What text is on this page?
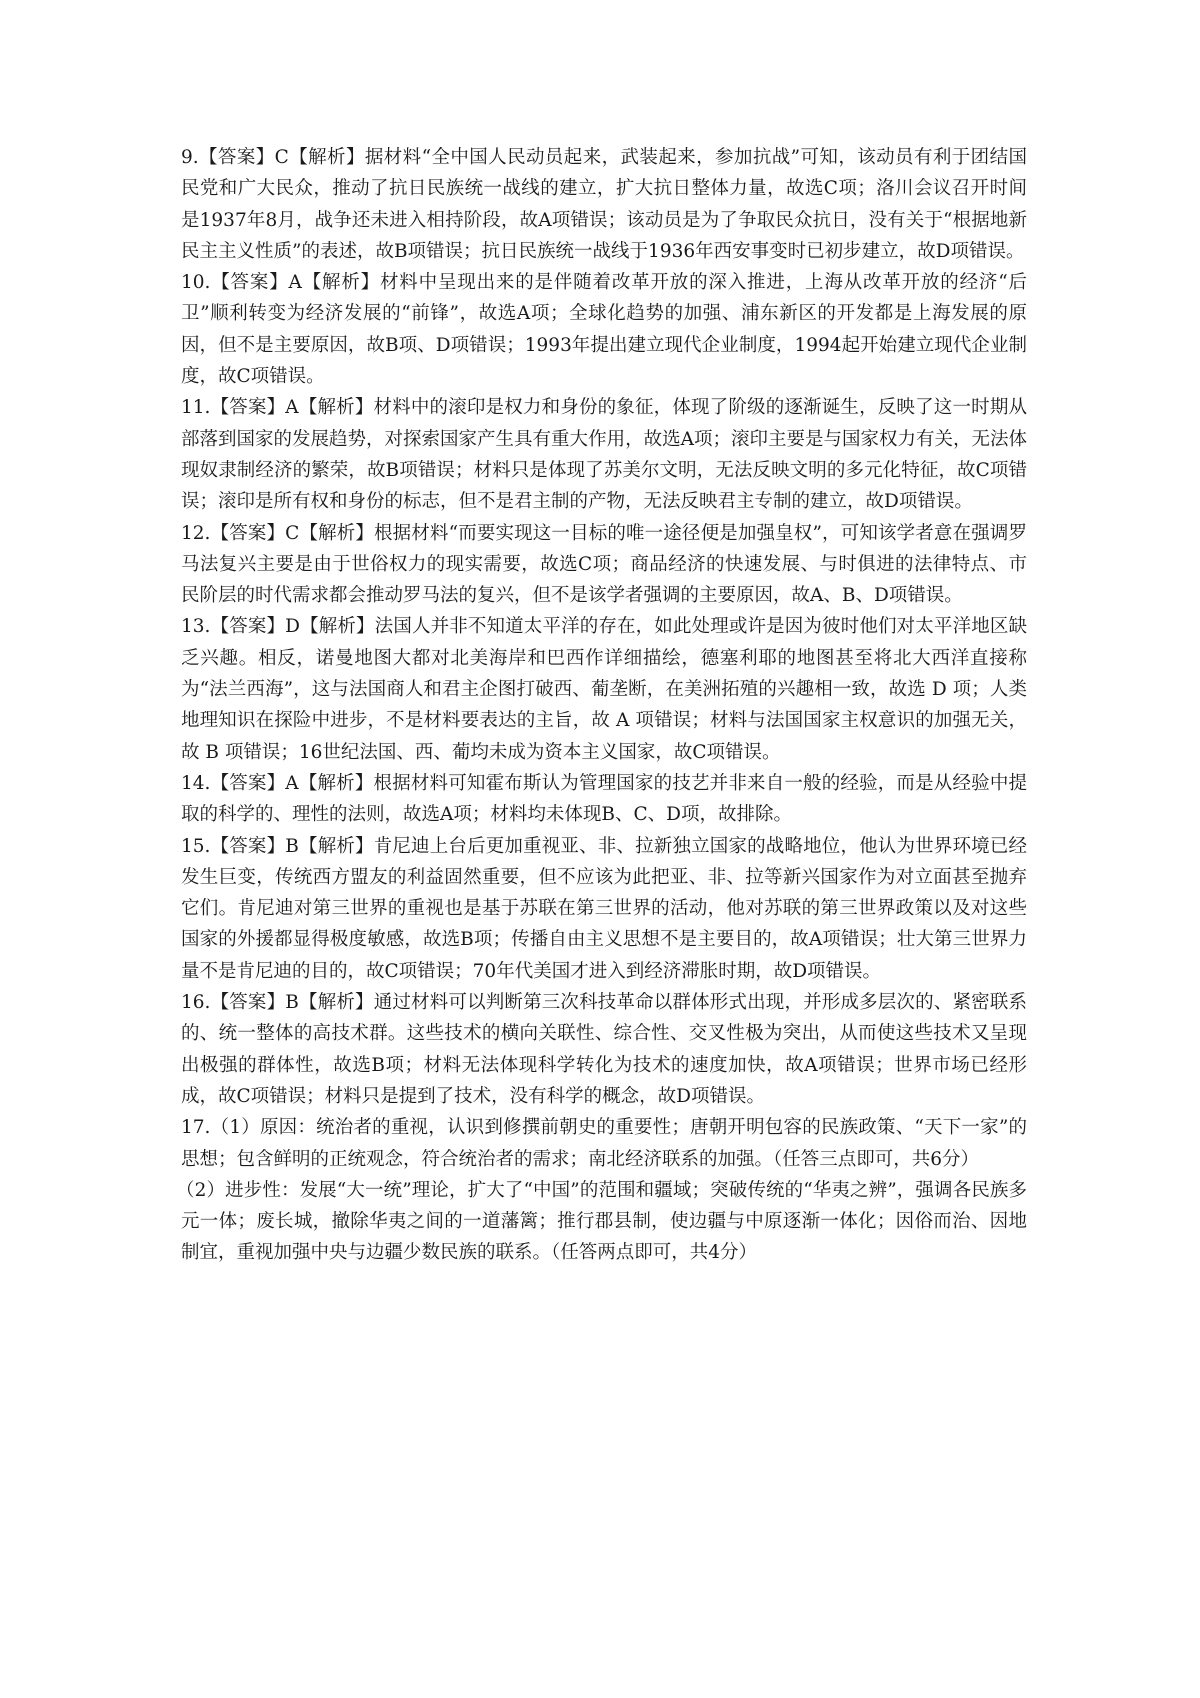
9.【答案】C【解析】据材料“全中国人民动员起来，武装起来，参加抗战”可知，该动员有利于团结国民党和广大民众，推动了抗日民族统一战线的建立，扩大抗日整体力量，故选C项；洛川会议召开时间是1937年8月，战争还未进入相持阶段，故A项错误；该动员是为了争取民众抗日，没有关于“根据地新民主主义性质”的表述，故B项错误；抗日民族统一战线于1936年西安事变时已初步建立，故D项错误。

10.【答案】A【解析】材料中呈现出来的是伴随着改革开放的深入推进，上海从改革开放的经济“后卫”顺利转变为经济发展的“前锋”，故选A项；全球化趋势的加强、浦东新区的开发都是上海发展的原因，但不是主要原因，故B项、D项错误；1993年提出建立现代企业制度，1994起开始建立现代企业制度，故C项错误。

11.【答案】A【解析】材料中的滚印是权力和身份的象征，体现了阶级的逐渐诞生，反映了这一时期从部落到国家的发展趋势，对探索国家产生具有重大作用，故选A项；滚印主要是与国家权力有关，无法体现奴隶制经济的繁荣，故B项错误；材料只是体现了苏美尔文明，无法反映文明的多元化特征，故C项错误；滚印是所有权和身份的标志，但不是君主制的产物，无法反映君主专制的建立，故D项错误。

12.【答案】C【解析】根据材料“而要实现这一目标的唯一途径便是加强皇权”，可知该学者意在强调罗马法复兴主要是由于世俗权力的现实需要，故选C项；商品经济的快速发展、与时俱进的法律特点、市民阶层的时代需求都会推动罗马法的复兴，但不是该学者强调的主要原因，故A、B、D项错误。

13.【答案】D【解析】法国人并非不知道太平洋的存在，如此处理或许是因为彼时他们对太平洋地区缺乏兴趣。相反，诺曼地图大都对北美海岸和巴西作详细描绘，德塞利耶的地图甚至将北大西洋直接称为“法兰西海”，这与法国商人和君主企图打破西、葡垄断，在美洲拓殖的兴趣相一致，故选 D 项；人类地理知识在探险中进步，不是材料要表达的主旨，故 A 项错误；材料与法国国家主权意识的加强无关，故 B 项错误；16世纪法国、西、葡均未成为资本主义国家，故C项错误。

14.【答案】A【解析】根据材料可知霍布斯认为管理国家的技艺并非来自一般的经验，而是从经验中提取的科学的、理性的法则，故选A项；材料均未体现B、C、D项，故排除。

15.【答案】B【解析】肯尼迪上台后更加重视亚、非、拉新独立国家的战略地位，他认为世界环境已经发生巨变，传统西方盟友的利益固然重要，但不应该为此把亚、非、拉等新兴国家作为对立面甚至抛弃它们。肯尼迪对第三世界的重视也是基于苏联在第三世界的活动，他对苏联的第三世界政策以及对这些国家的外援都显得极度敏感，故选B项；传播自由主义思想不是主要目的，故A项错误；壮大第三世界力量不是肯尼迪的目的，故C项错误；70年代美国才进入到经济滞胀时期，故D项错误。

16.【答案】B【解析】通过材料可以判断第三次科技革命以群体形式出现，并形成多层次的、紧密联系的、统一整体的高技术群。这些技术的横向关联性、综合性、交叉性极为突出，从而使这些技术又呈现出极强的群体性，故选B项；材料无法体现科学转化为技术的速度加快，故A项错误；世界市场已经形成，故C项错误；材料只是提到了技术，没有科学的概念，故D项错误。

17.（1）原因：统治者的重视，认识到修撰前朝史的重要性；唐朝开明包容的民族政策、“天下一家”的思想；包含鲜明的正统观念，符合统治者的需求；南北经济联系的加强。（任答三点即可，共6分）

（2）进步性：发展“大一统”理论，扩大了“中国”的范围和疆域；突破传统的“华夷之辨”，强调各民族多元一体；废长城，撤除华夷之间的一道藩篱；推行郡县制，使边疆与中原逐渐一体化；因俗而治、因地制宜，重视加强中央与边疆少数民族的联系。（任答两点即可，共4分）
